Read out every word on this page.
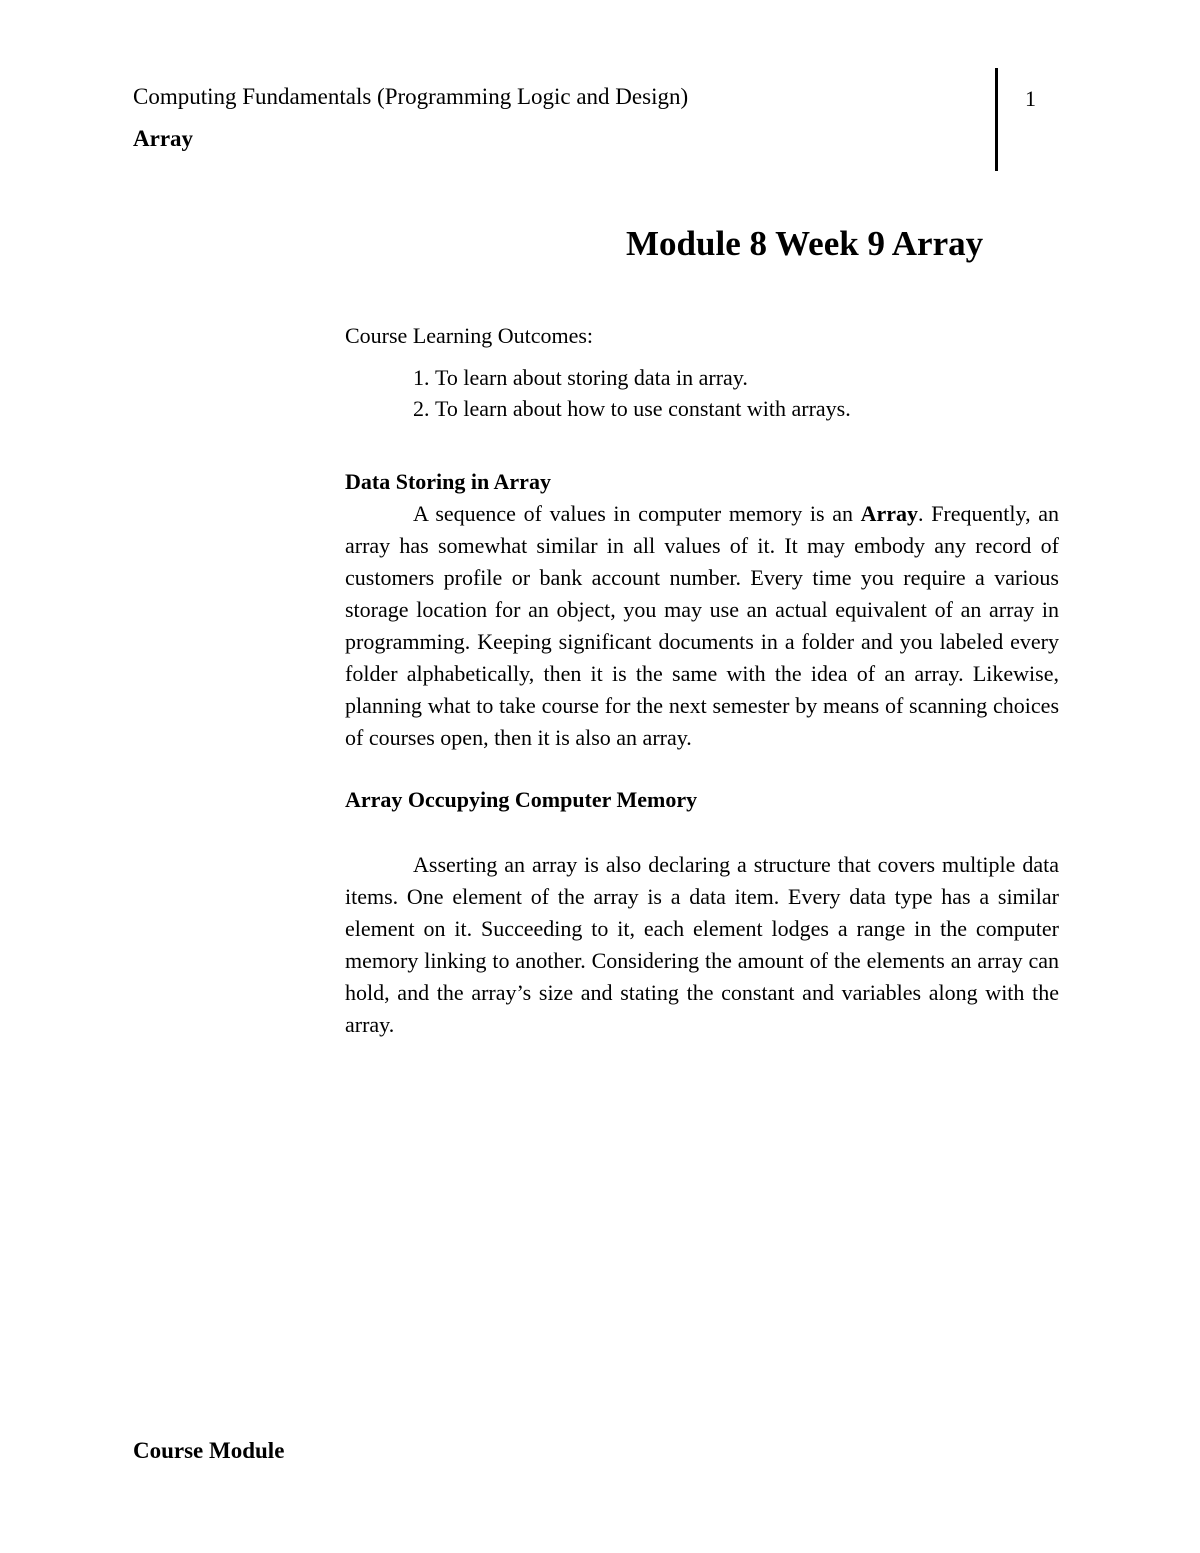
Computing Fundamentals (Programming Logic and Design)
Array
1
Module 8 Week 9 Array

Course Learning Outcomes:

1. To learn about storing data in array.
2. To learn about how to use constant with arrays.

Data Storing in Array

A sequence of values in computer memory is an Array. Frequently, an array has somewhat similar in all values of it. It may embody any record of customers profile or bank account number. Every time you require a various storage location for an object, you may use an actual equivalent of an array in programming. Keeping significant documents in a folder and you labeled every folder alphabetically, then it is the same with the idea of an array. Likewise, planning what to take course for the next semester by means of scanning choices of courses open, then it is also an array.

Array Occupying Computer Memory

Asserting an array is also declaring a structure that covers multiple data items. One element of the array is a data item. Every data type has a similar element on it. Succeeding to it, each element lodges a range in the computer memory linking to another. Considering the amount of the elements an array can hold, and the array’s size and stating the constant and variables along with the array.

Course Module
